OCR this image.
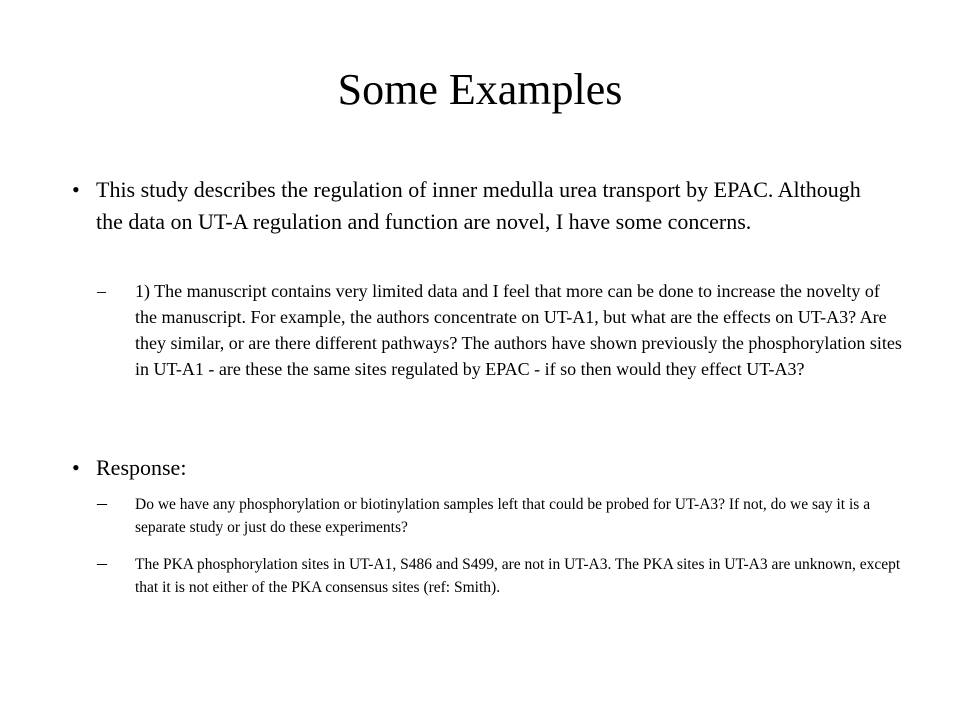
Some Examples
• This study describes the regulation of inner medulla urea transport by EPAC. Although the data on UT-A regulation and function are novel, I have some concerns.
– 1) The manuscript contains very limited data and I feel that more can be done to increase the novelty of the manuscript. For example, the authors concentrate on UT-A1, but what are the effects on UT-A3? Are they similar, or are there different pathways? The authors have shown previously the phosphorylation sites in UT-A1 - are these the same sites regulated by EPAC - if so then would they effect UT-A3?
• Response:
– Do we have any phosphorylation or biotinylation samples left that could be probed for UT-A3? If not, do we say it is a separate study or just do these experiments?
– The PKA phosphorylation sites in UT-A1, S486 and S499, are not in UT-A3. The PKA sites in UT-A3 are unknown, except that it is not either of the PKA consensus sites (ref: Smith).
